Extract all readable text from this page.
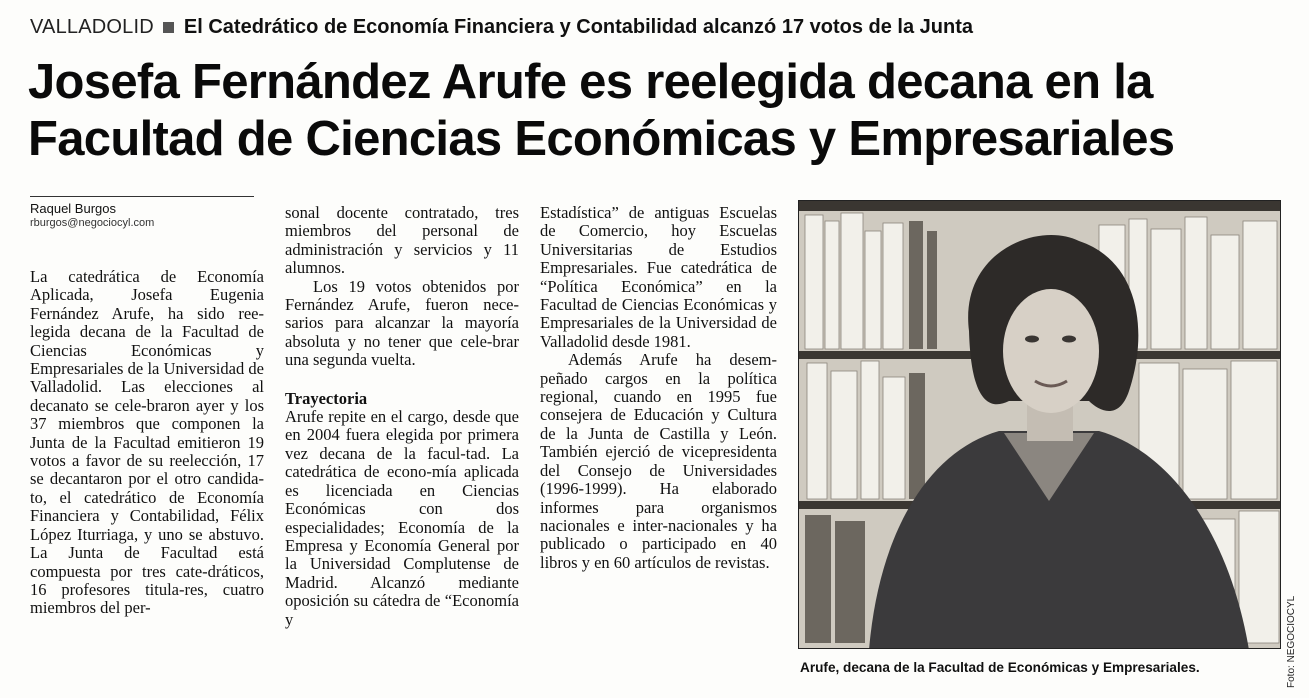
VALLADOLID El Catedrático de Economía Financiera y Contabilidad alcanzó 17 votos de la Junta
Josefa Fernández Arufe es reelegida decana en la
Facultad de Ciencias Económicas y Empresariales
Raquel Burgos
rburgos@negociocyl.com

La catedrática de Economía Aplicada, Josefa Eugenia Fernández Arufe, ha sido ree-legida decana de la Facultad de Ciencias Económicas y Empresariales de la Universidad de Valladolid. Las elecciones al decanato se cele-braron ayer y los 37 miembros que componen la Junta de la Facultad emitieron 19 votos a favor de su reelección, 17 se decantaron por el otro candida-to, el catedrático de Economía Financiera y Contabilidad, Félix López Iturriaga, y uno se abstuvo. La Junta de Facultad está compuesta por tres cate-dráticos, 16 profesores titula-res, cuatro miembros del per-

sonal docente contratado, tres miembros del personal de administración y servicios y 11 alumnos.

Los 19 votos obtenidos por Fernández Arufe, fueron nece-sarios para alcanzar la mayoría absoluta y no tener que cele-brar una segunda vuelta.

Trayectoria

Arufe repite en el cargo, desde que en 2004 fuera elegida por primera vez decana de la facul-tad. La catedrática de econo-mía aplicada es licenciada en Ciencias Económicas con dos especialidades; Economía de la Empresa y Economía General por la Universidad Complutense de Madrid. Alcanzó mediante oposición su cátedra de “Economía y

Estadística” de antiguas Escuelas de Comercio, hoy Escuelas Universitarias de Estudios Empresariales. Fue catedrática de “Política Económica” en la Facultad de Ciencias Económicas y Empresariales de la Universidad de Valladolid desde 1981.

Además Arufe ha desem-peñado cargos en la política regional, cuando en 1995 fue consejera de Educación y Cultura de la Junta de Castilla y León. También ejerció de vicepresidenta del Consejo de Universidades (1996-1999). Ha elaborado informes para organismos nacionales e inter-nacionales y ha publicado o participado en 40 libros y en 60 artículos de revistas.

Foto: NEGOCIOCYL
Arufe, decana de la Facultad de Económicas y Empresariales.
